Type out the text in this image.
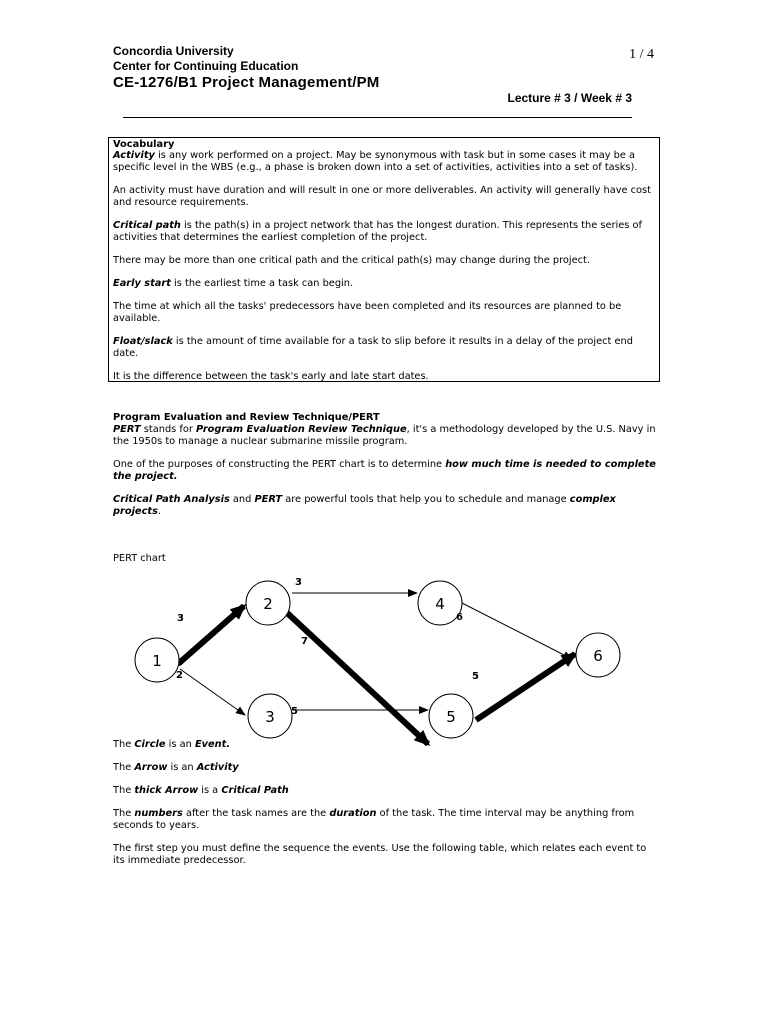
Concordia University
Center for Continuing Education
CE-1276/B1 Project Management/PM
1 / 4
Lecture # 3 / Week # 3
Vocabulary

Activity is any work performed on a project. May be synonymous with task but in some cases it may be a specific level in the WBS (e.g., a phase is broken down into a set of activities, activities into a set of tasks).

An activity must have duration and will result in one or more deliverables. An activity will generally have cost and resource requirements.

Critical path is the path(s) in a project network that has the longest duration. This represents the series of activities that determines the earliest completion of the project.

There may be more than one critical path and the critical path(s) may change during the project.

Early start is the earliest time a task can begin.

The time at which all the tasks' predecessors have been completed and its resources are planned to be available.

Float/slack is the amount of time available for a task to slip before it results in a delay of the project end date.

It is the difference between the task's early and late start dates.

Program Evaluation and Review Technique/PERT

PERT stands for Program Evaluation Review Technique, it's a methodology developed by the U.S. Navy in the 1950s to manage a nuclear submarine missile program.

One of the purposes of constructing the PERT chart is to determine how much time is needed to complete the project.

Critical Path Analysis and PERT are powerful tools that help you to schedule and manage complex projects.

PERT chart
1
2
3
4
5
6
3
2
3
7
5
6
5

The Circle is an Event.

The Arrow is an Activity

The thick Arrow is a Critical Path

The numbers after the task names are the duration of the task. The time interval may be anything from seconds to years.

The first step you must define the sequence the events. Use the following table, which relates each event to its immediate predecessor.
